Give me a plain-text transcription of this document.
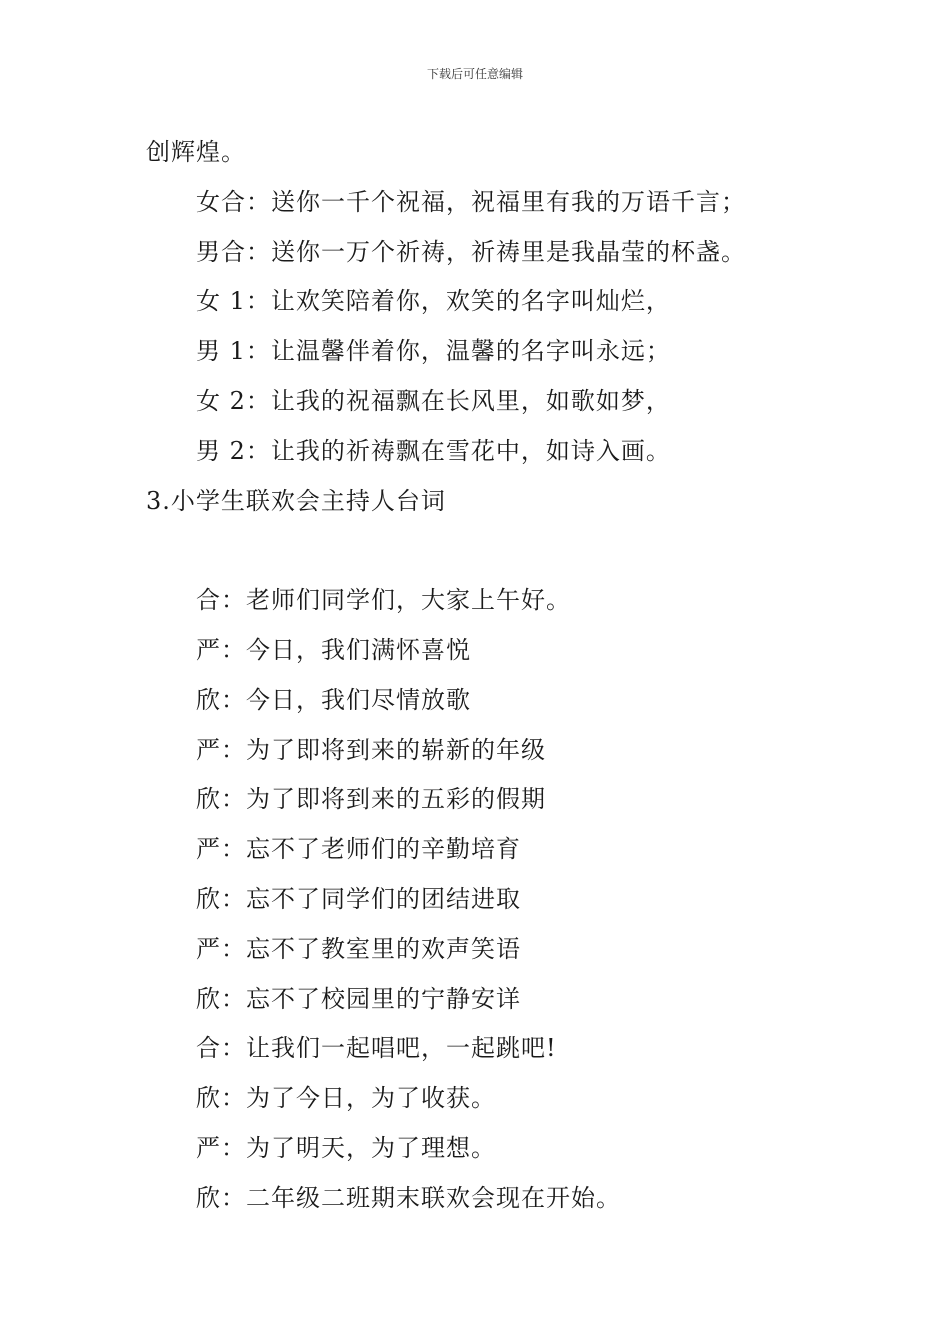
下载后可任意编辑
创辉煌。
女合：送你一千个祝福，祝福里有我的万语千言；
男合：送你一万个祈祷，祈祷里是我晶莹的杯盏。
女 1：让欢笑陪着你，欢笑的名字叫灿烂，
男 1：让温馨伴着你，温馨的名字叫永远；
女 2：让我的祝福飘在长风里，如歌如梦，
男 2：让我的祈祷飘在雪花中，如诗入画。
3.小学生联欢会主持人台词
合：老师们同学们，大家上午好。
严：今日，我们满怀喜悦
欣：今日，我们尽情放歌
严：为了即将到来的崭新的年级
欣：为了即将到来的五彩的假期
严：忘不了老师们的辛勤培育
欣：忘不了同学们的团结进取
严：忘不了教室里的欢声笑语
欣：忘不了校园里的宁静安详
合：让我们一起唱吧，一起跳吧!
欣：为了今日，为了收获。
严：为了明天，为了理想。
欣：二年级二班期末联欢会现在开始。
